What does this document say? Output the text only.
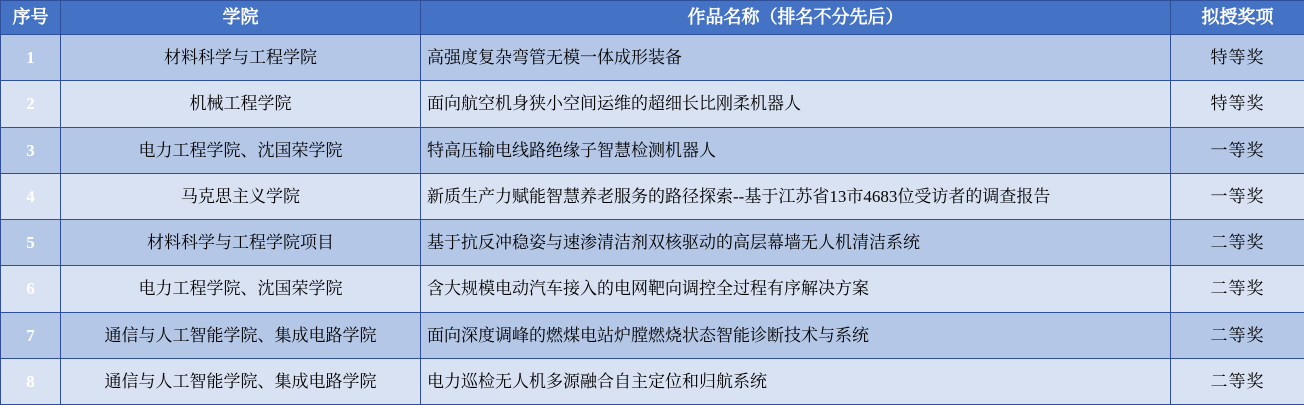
序号	学院	作品名称（排名不分先后）	拟授奖项
1	材料科学与工程学院	高强度复杂弯管无模一体成形装备	特等奖
2	机械工程学院	面向航空机身狭小空间运维的超细长比刚柔机器人	特等奖
3	电力工程学院、沈国荣学院	特高压输电线路绝缘子智慧检测机器人	一等奖
4	马克思主义学院	新质生产力赋能智慧养老服务的路径探索--基于江苏省13市4683位受访者的调查报告	一等奖
5	材料科学与工程学院项目	基于抗反冲稳姿与速渗清洁剂双核驱动的高层幕墙无人机清洁系统	二等奖
6	电力工程学院、沈国荣学院	含大规模电动汽车接入的电网靶向调控全过程有序解决方案	二等奖
7	通信与人工智能学院、集成电路学院	面向深度调峰的燃煤电站炉膛燃烧状态智能诊断技术与系统	二等奖
8	通信与人工智能学院、集成电路学院	电力巡检无人机多源融合自主定位和归航系统	二等奖
